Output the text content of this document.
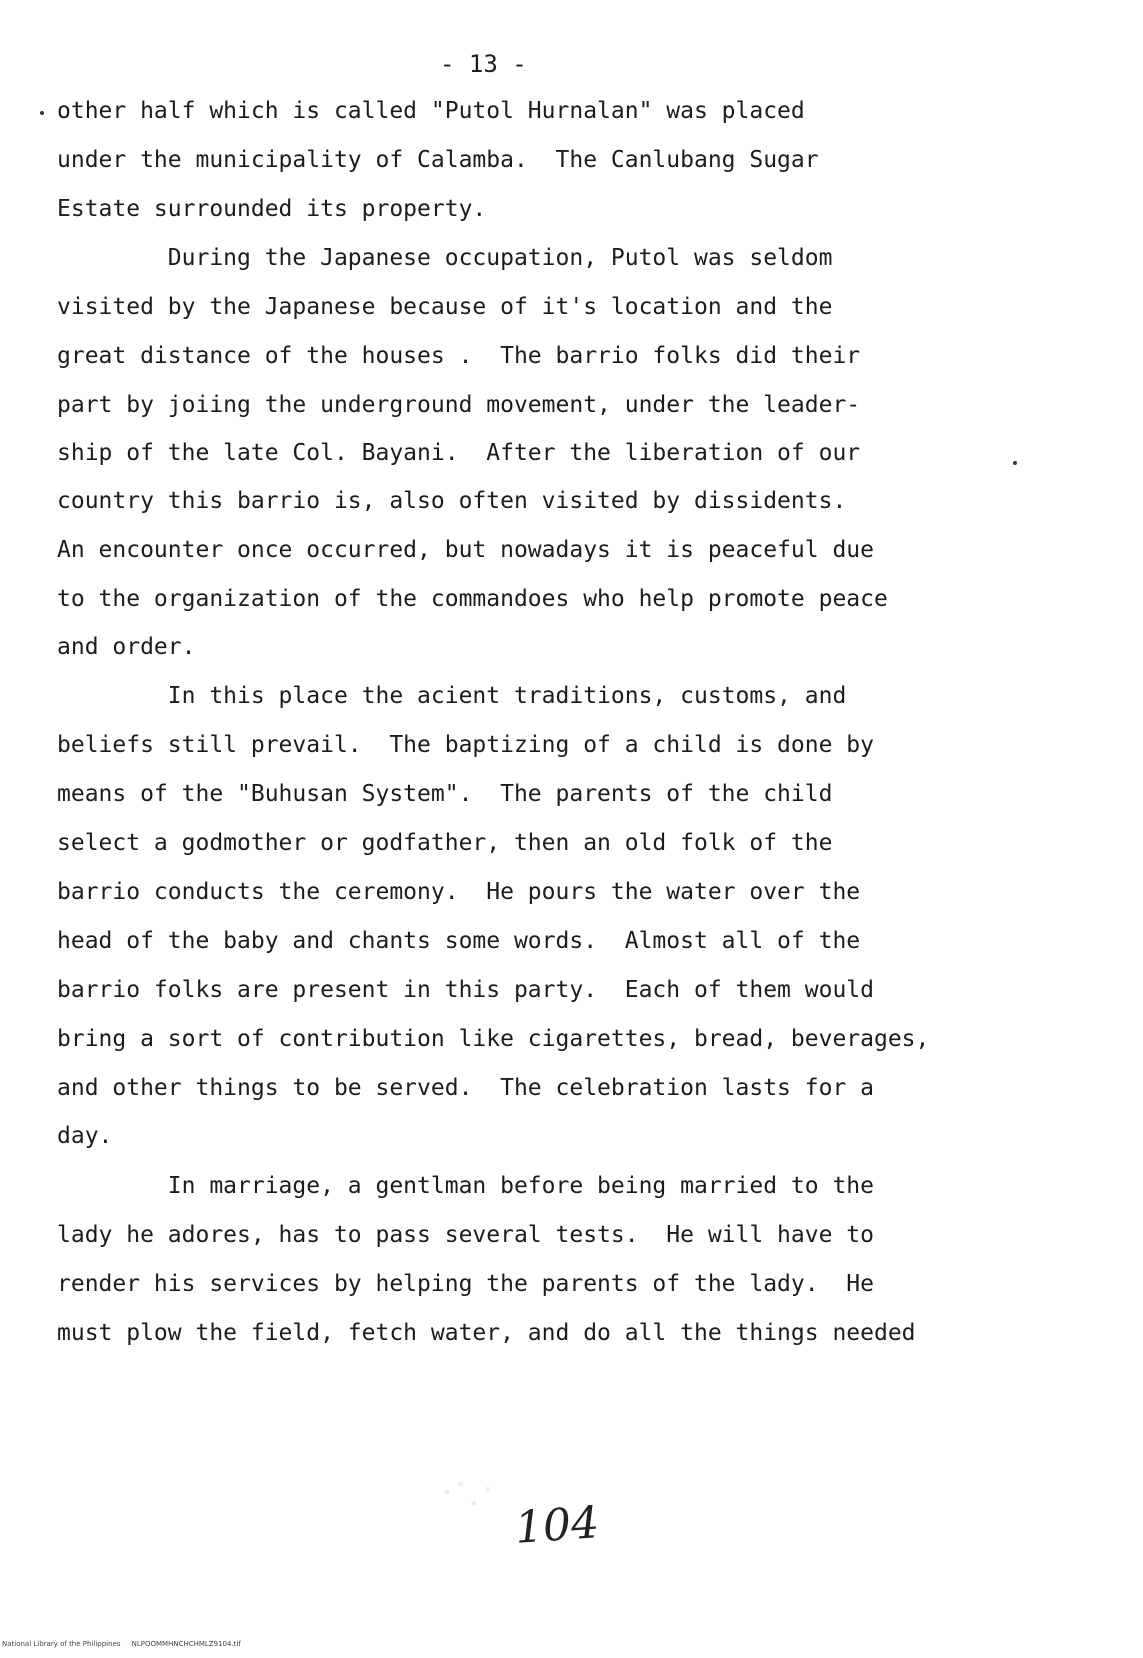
- 13 -
other half which is called "Putol Hurnalan" was placed
under the municipality of Calamba.  The Canlubang Sugar
Estate surrounded its property.
During the Japanese occupation, Putol was seldom
visited by the Japanese because of it's location and the
great distance of the houses .  The barrio folks did their
part by joiing the underground movement, under the leader-
ship of the late Col. Bayani.  After the liberation of our
country this barrio is, also often visited by dissidents.
An encounter once occurred, but nowadays it is peaceful due
to the organization of the commandoes who help promote peace
and order.
In this place the acient traditions, customs, and
beliefs still prevail.  The baptizing of a child is done by
means of the "Buhusan System".  The parents of the child
select a godmother or godfather, then an old folk of the
barrio conducts the ceremony.  He pours the water over the
head of the baby and chants some words.  Almost all of the
barrio folks are present in this party.  Each of them would
bring a sort of contribution like cigarettes, bread, beverages,
and other things to be served.  The celebration lasts for a
day.
In marriage, a gentlman before being married to the
lady he adores, has to pass several tests.  He will have to
render his services by helping the parents of the lady.  He
must plow the field, fetch water, and do all the things needed
104
National Library of the Philippines     NLPOOMMHNCHCHMLZ9104.tif
